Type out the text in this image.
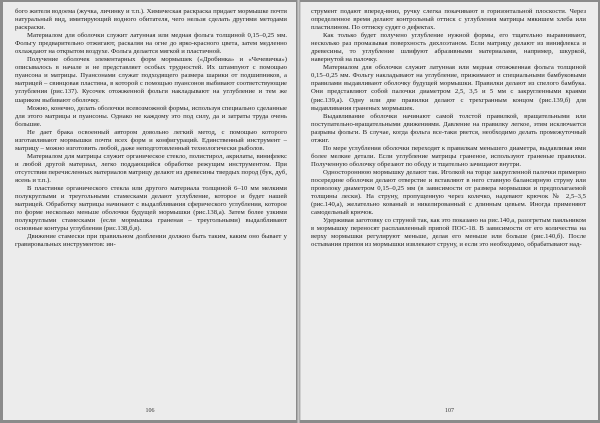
бого жителя водоема (жучка, личинку и т.п.). Химическая раскраска придает мормышке почти натуральный вид, имитирующий водного обитателя, чего нельзя сделать другими методами раскраски.

Материалом для оболочки служит латунная или медная фольга толщиной 0,15–0,25 мм. Фольгу предварительно отжигают, раскаляя на огне до ярко-красного цвета, затем медленно охлаждают на открытом воздухе. Фольга делается мягкой и пластичной.

Получение оболочек элементарных форм мормышек («Дробинка» и «Чечевичка») описывалось в начале и не представляет особых трудностей. Их штампуют с помощью пуансона и матрицы. Пуансонами служат подходящего размера шарики от подшипников, а матрицей – свинцовая пластина, в которой с помощью пуансонов выбивают соответствующие углубления (рис.137). Кусочек отожженной фольги накладывают на углубление и тем же шариком выбивают оболочку.

Можно, конечно, делать оболочки всевозможной формы, используя специально сделанные для этого матрицы и пуансоны. Однако не каждому это под силу, да и затраты труда очень большие.

Не дает брака освоенный автором довольно легкий метод, с помощью которого изготавливают мормышки почти всех форм и конфигураций. Единственный инструмент – матрицу – можно изготовить любой, даже неподготовленный технологически рыболов.

Материалом для матрицы служит органическое стекло, полистирол, акрилаты, винифлекс и любой другой материал, легко поддающийся обработке режущим инструментом. При отсутствии перечисленных материалов матрицу делают из древесины твердых пород (бук, дуб, ясень и т.п.).

В пластинке органического стекла или другого материала толщиной 6–10 мм мелкими полукруглыми и треугольными стамесками делают углубление, которое и будет нашей матрицей. Обработку матрицы начинают с выдалбливания сферического углубления, которое по форме несколько меньше оболочки будущей мормышки (рис.138,а). Затем более узкими полукруглыми стамесками (если мормышка граненая – треугольными) выдалбливают основные контуры углубления (рис.138,б,в).

Движение стамески при правильном долблении должно быть таким, каким оно бывает у гравировальных инструментов: ин-

106

струмент подают вперед-вниз, ручку слегка покачивают в горизонтальной плоскости. Через определенное время делают контрольный оттиск с углубления матрицы мякишем хлеба или пластилином. По оттиску судят о дефектах.

Как только будет получено углубление нужной формы, его тщательно выравнивают, несколько раз промазывая поверхность дихлоэтаном. Если матрицу делают из винифлекса и древесины, то углубление шлифуют абразивными материалами, например, шкуркой, навернутой на палочку.

Материалом для оболочки служит латунная или медная отожженная фольга толщиной 0,15–0,25 мм. Фольгу накладывают на углубление, прижимают и специальными бамбуковыми правилами выдавливают оболочку будущей мормышки. Правилки делают из спелого бамбука. Они представляют собой палочки диаметром 2,5, 3,5 и 5 мм с закругленными краями (рис.139,а). Одну или две правилки делают с трехгранным концом (рис.139,б) для выдавливания граненых мормышек.

Выдавливание оболочки начинают самой толстой правилкой, вращательными или поступательно-вращательными движениями. Давление на правилку легкое, этим исключается разрывы фольги. В случае, когда фольга все-таки рвется, необходимо делать промежуточный отжиг.

По мере углубления оболочки переходят к правилкам меньшего диаметра, выдавливая ими более мелкие детали. Если углубление матрицы граненое, используют граненые правилки. Полученную оболочку обрезают по ободу и тщательно зачищают внутри.

Одностороннюю мормышку делают так. Иголкой на торце закругленной палочки примерно посередине оболочки делают отверстие и вставляют в него ставную балансирную струну или проволоку диаметром 0,15–0,25 мм (в зависимости от размера мормышки и предполагаемой толщины лески). На струну, пропущенную через колечко, надевают крючок № 2,5–3,5 (рис.140,а), желательно кованый и никелированный с длинным цевьем. Иногда применяют самодельный крючок.

Удерживая заготовку со струной так, как это показано на рис.140,а, разогретым паяльником в мормышку переносят расплавленный припой ПОС-18. В зависимости от его количества на верху мормышки регулируют меньше, делая его меньше или больше (рис.140,б). После остывания припоя из мормышки извлекают струну, и если это необходимо, обрабатывают над-

107
